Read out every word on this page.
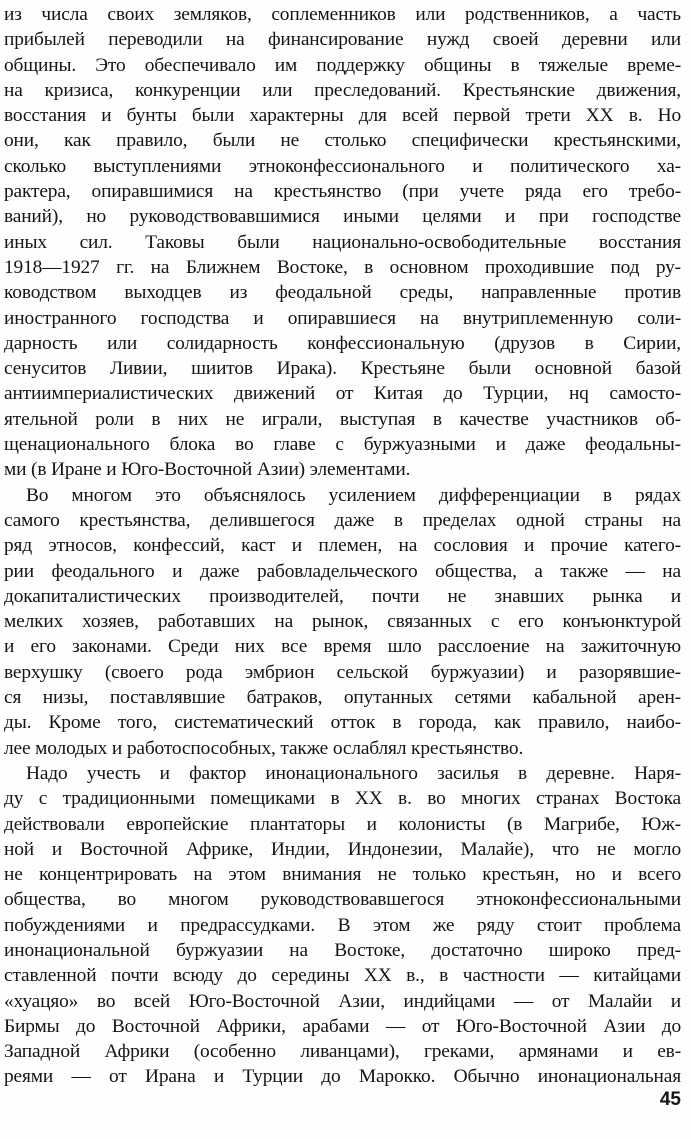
из числа своих земляков, соплеменников или родственников, а часть
прибылей переводили на финансирование нужд своей деревни или
общины. Это обеспечивало им поддержку общины в тяжелые време-
на кризиса, конкуренции или преследований. Крестьянские движения,
восстания и бунты были характерны для всей первой трети XX в. Но
они, как правило, были не столько специфически крестьянскими,
сколько выступлениями этноконфессионального и политического ха-
рактера, опиравшимися на крестьянство (при учете ряда его требо-
ваний), но руководствовавшимися иными целями и при господстве
иных сил. Таковы были национально-освободительные восстания
1918—1927 гг. на Ближнем Востоке, в основном проходившие под ру-
ководством выходцев из феодальной среды, направленные против
иностранного господства и опиравшиеся на внутриплеменную соли-
дарность или солидарность конфессиональную (друзов в Сирии,
сенуситов Ливии, шиитов Ирака). Крестьяне были основной базой
антиимпериалистических движений от Китая до Турции, нq самосто-
ятельной роли в них не играли, выступая в качестве участников об-
щенационального блока во главе с буржуазными и даже феодальны-
ми (в Иране и Юго-Восточной Азии) элементами.
Во многом это объяснялось усилением дифференциации в рядах
самого крестьянства, делившегося даже в пределах одной страны на
ряд этносов, конфессий, каст и племен, на сословия и прочие катего-
рии феодального и даже рабовладельческого общества, а также — на
докапиталистических производителей, почти не знавших рынка и
мелких хозяев, работавших на рынок, связанных с его конъюнктурой
и его законами. Среди них все время шло расслоение на зажиточную
верхушку (своего рода эмбрион сельской буржуазии) и разорявшие-
ся низы, поставлявшие батраков, опутанных сетями кабальной арен-
ды. Кроме того, систематический отток в города, как правило, наибо-
лее молодых и работоспособных, также ослаблял крестьянство.
Надо учесть и фактор инонационального засилья в деревне. Наря-
ду с традиционными помещиками в XX в. во многих странах Востока
действовали европейские плантаторы и колонисты (в Магрибе, Юж-
ной и Восточной Африке, Индии, Индонезии, Малайе), что не могло
не концентрировать на этом внимания не только крестьян, но и всего
общества, во многом руководствовавшегося этноконфессиональными
побуждениями и предрассудками. В этом же ряду стоит проблема
инонациональной буржуазии на Востоке, достаточно широко пред-
ставленной почти всюду до середины XX в., в частности — китайцами
«хуацяо» во всей Юго-Восточной Азии, индийцами — от Малайи и
Бирмы до Восточной Африки, арабами — от Юго-Восточной Азии до
Западной Африки (особенно ливанцами), греками, армянами и ев-
реями — от Ирана и Турции до Марокко. Обычно инонациональная
45
